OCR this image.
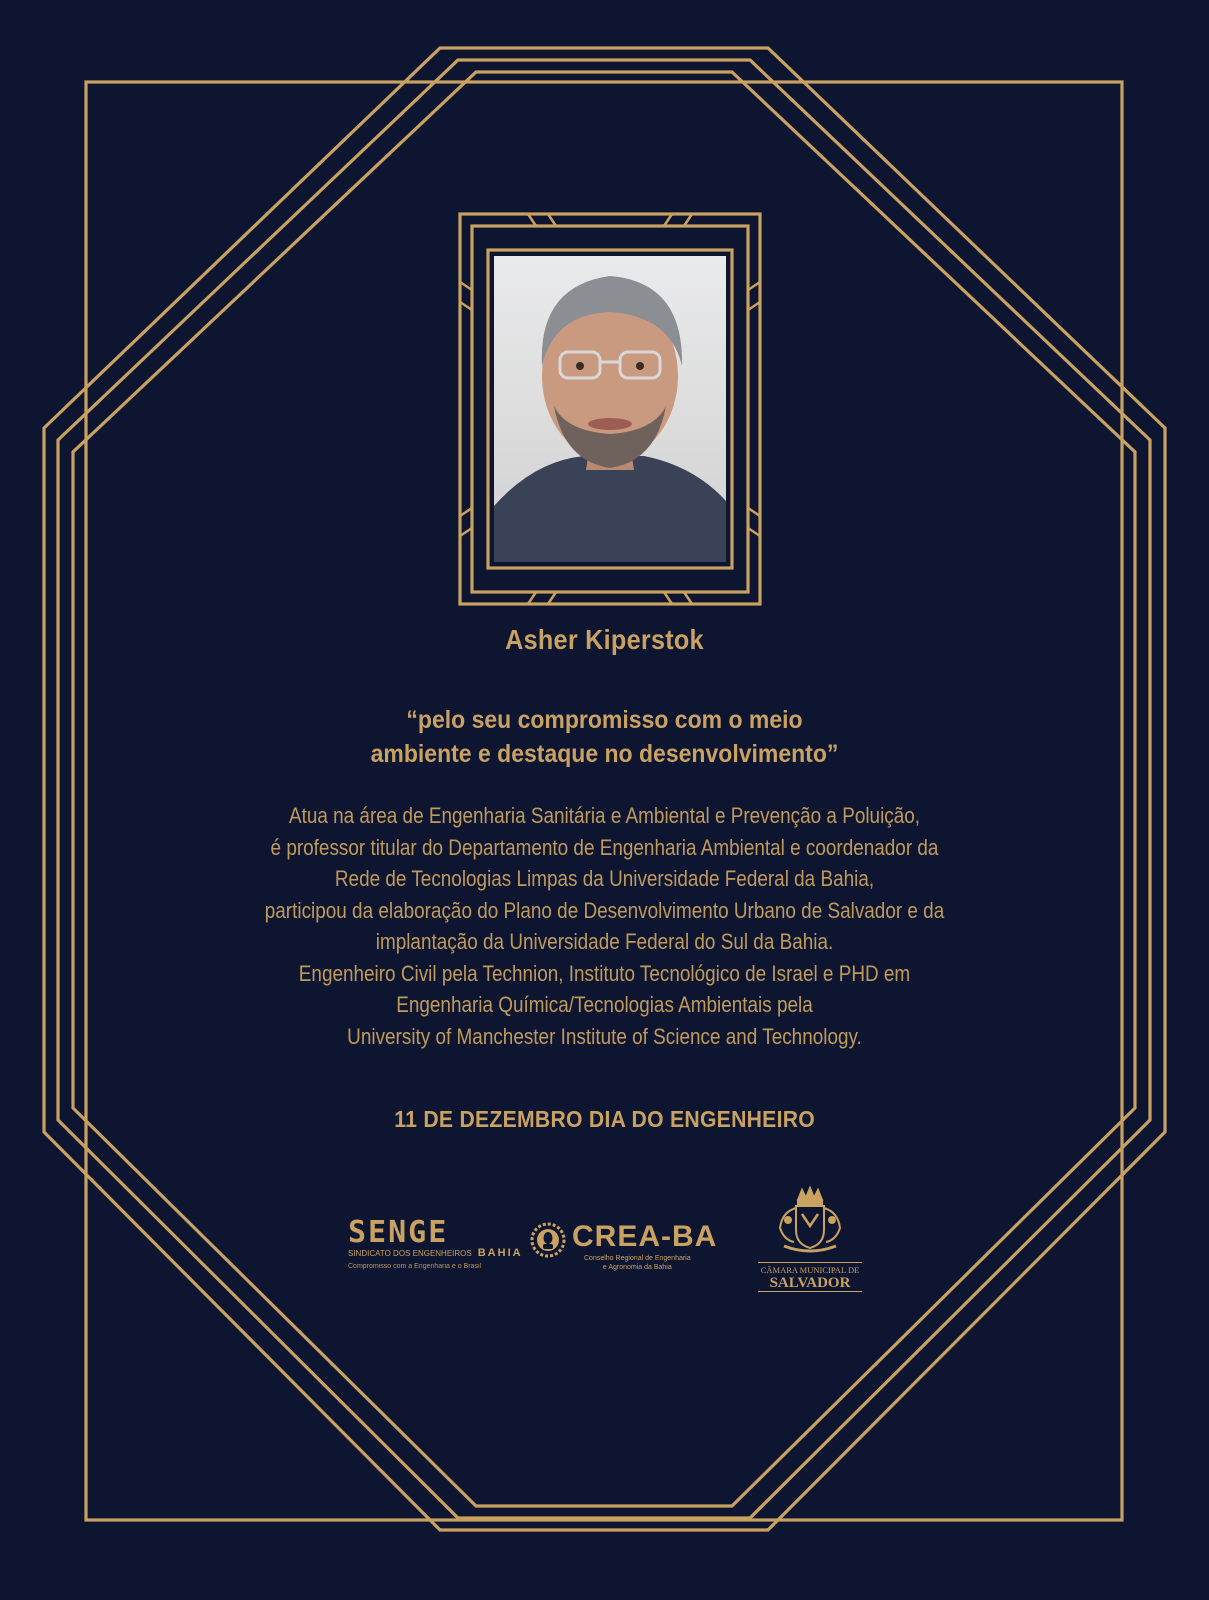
Asher Kiperstok
“pelo seu compromisso com o meio
ambiente e destaque no desenvolvimento”
Atua na área de Engenharia Sanitária e Ambiental e Prevenção a Poluição,
é professor titular do Departamento de Engenharia Ambiental e coordenador da
Rede de Tecnologias Limpas da Universidade Federal da Bahia,
participou da elaboração do Plano de Desenvolvimento Urbano de Salvador e da
implantação da Universidade Federal do Sul da Bahia.
Engenheiro Civil pela Technion, Instituto Tecnológico de Israel e PHD em
Engenharia Química/Tecnologias Ambientais pela
University of Manchester Institute of Science and Technology.
11 DE DEZEMBRO DIA DO ENGENHEIRO
SENGE
SINDICATO DOS ENGENHEIROS BAHIA
Compromisso com a Engenharia e o Brasil
CREA-BA
Conselho Regional de Engenharia
e Agronomia da Bahia	CÂMARA MUNICIPAL DE
SALVADOR
